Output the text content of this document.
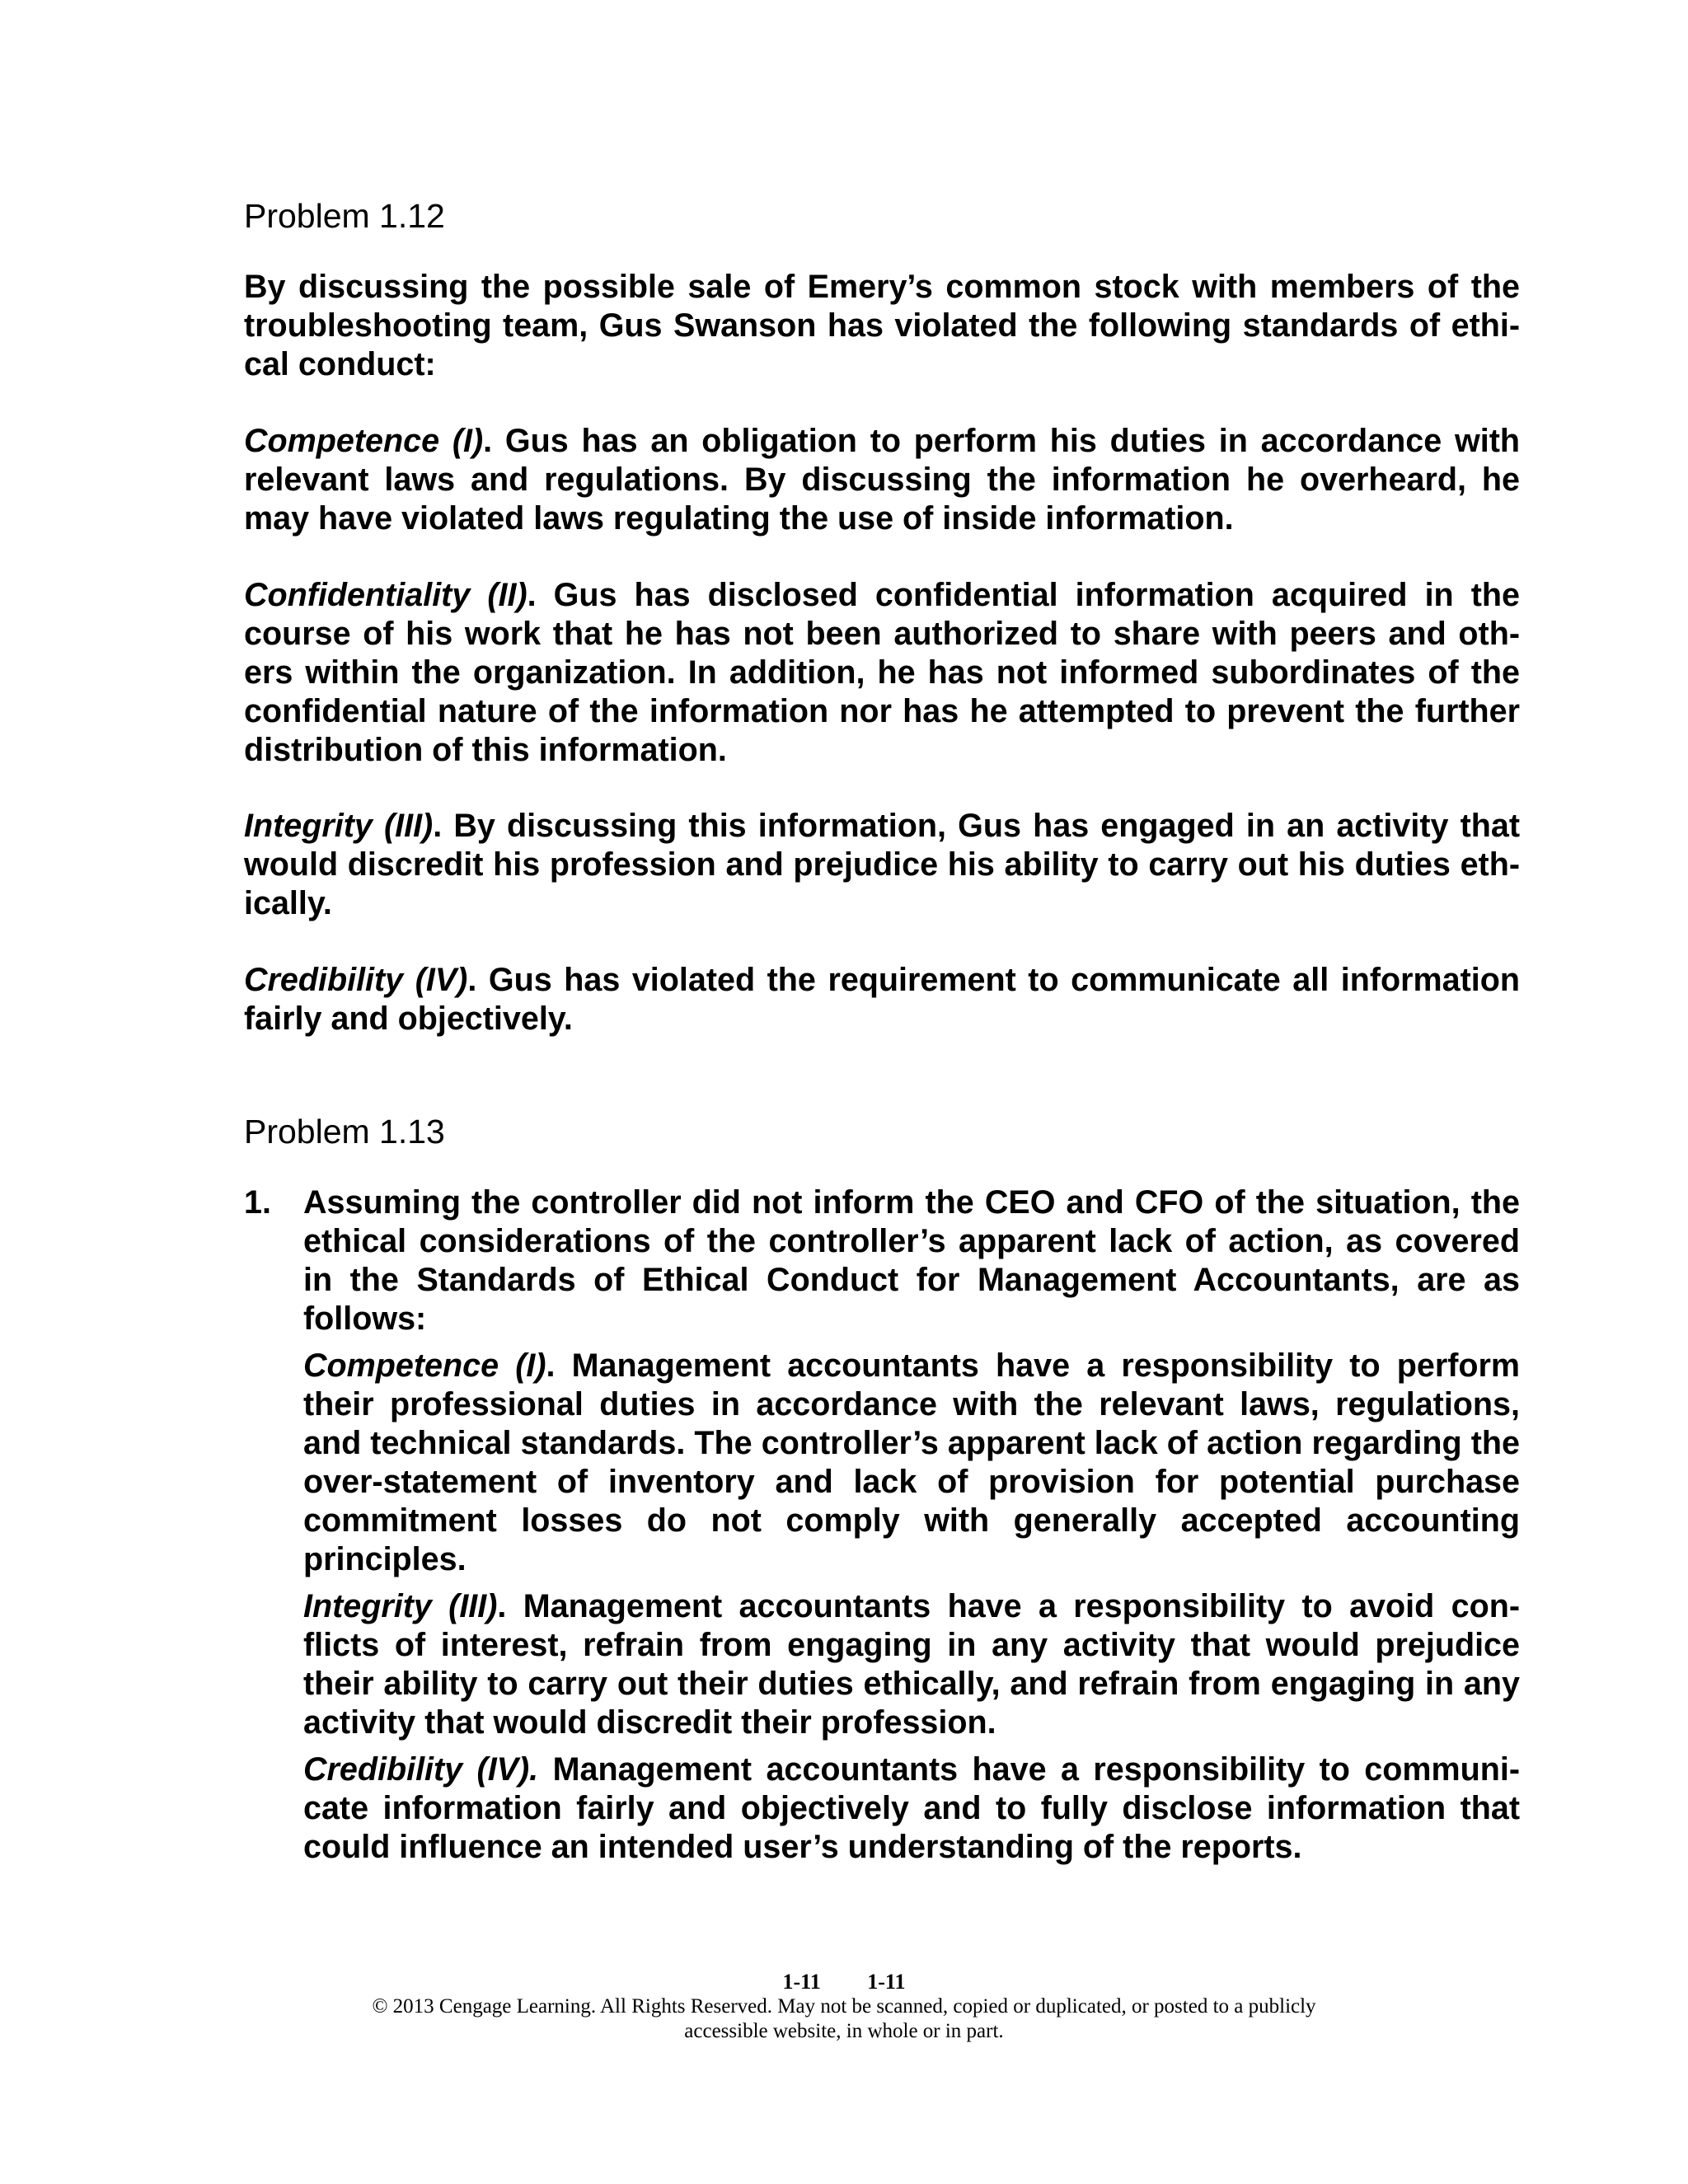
Problem 1.12

By discussing the possible sale of Emery’s common stock with members of the troubleshooting team, Gus Swanson has violated the following standards of ethi- cal conduct:

Competence (I). Gus has an obligation to perform his duties in accordance with relevant laws and regulations. By discussing the information he overheard, he may have violated laws regulating the use of inside information.

Confidentiality (II). Gus has disclosed confidential information acquired in the course of his work that he has not been authorized to share with peers and oth- ers within the organization. In addition, he has not informed subordinates of the confidential nature of the information nor has he attempted to prevent the further distribution of this information.

Integrity (III). By discussing this information, Gus has engaged in an activity that would discredit his profession and prejudice his ability to carry out his duties eth- ically.

Credibility (IV). Gus has violated the requirement to communicate all information fairly and objectively.

Problem 1.13
1. Assuming the controller did not inform the CEO and CFO of the situation, the ethical considerations of the controller’s apparent lack of action, as covered in the Standards of Ethical Conduct for Management Accountants, are as follows:

Competence (I). Management accountants have a responsibility to perform their professional duties in accordance with the relevant laws, regulations, and technical standards. The controller’s apparent lack of action regarding the over-statement of inventory and lack of provision for potential purchase commitment losses do not comply with generally accepted accounting principles.

Integrity (III). Management accountants have a responsibility to avoid con- flicts of interest, refrain from engaging in any activity that would prejudice their ability to carry out their duties ethically, and refrain from engaging in any activity that would discredit their profession.

Credibility (IV). Management accountants have a responsibility to communi- cate information fairly and objectively and to fully disclose information that could influence an intended user’s understanding of the reports.

1-11 1-11
© 2013 Cengage Learning. All Rights Reserved. May not be scanned, copied or duplicated, or posted to a publicly
accessible website, in whole or in part.
